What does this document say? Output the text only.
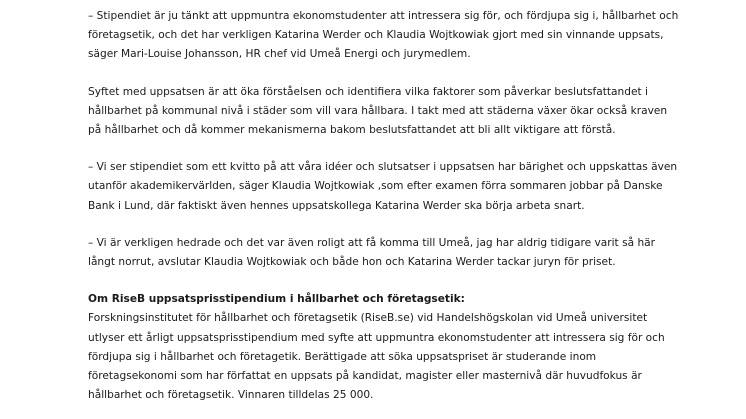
– Stipendiet är ju tänkt att uppmuntra ekonomstudenter att intressera sig för, och fördjupa sig i, hållbarhet och
företagsetik, och det har verkligen Katarina Werder och Klaudia Wojtkowiak gjort med sin vinnande uppsats,
säger Mari-Louise Johansson, HR chef vid Umeå Energi och jurymedlem.

Syftet med uppsatsen är att öka förståelsen och identifiera vilka faktorer som påverkar beslutsfattandet i
hållbarhet på kommunal nivå i städer som vill vara hållbara. I takt med att städerna växer ökar också kraven
på hållbarhet och då kommer mekanismerna bakom beslutsfattandet att bli allt viktigare att förstå.

– Vi ser stipendiet som ett kvitto på att våra idéer och slutsatser i uppsatsen har bärighet och uppskattas även
utanför akademikervärlden, säger Klaudia Wojtkowiak ,som efter examen förra sommaren jobbar på Danske
Bank i Lund, där faktiskt även hennes uppsatskollega Katarina Werder ska börja arbeta snart.

– Vi är verkligen hedrade och det var även roligt att få komma till Umeå, jag har aldrig tidigare varit så här
långt norrut, avslutar Klaudia Wojtkowiak och både hon och Katarina Werder tackar juryn för priset.

Om RiseB uppsatsprisstipendium i hållbarhet och företagsetik:
Forskningsinstitutet för hållbarhet och företagsetik (RiseB.se) vid Handelshögskolan vid Umeå universitet
utlyser ett årligt uppsatsprisstipendium med syfte att uppmuntra ekonomstudenter att intressera sig för och
fördjupa sig i hållbarhet och företagetik. Berättigade att söka uppsatspriset är studerande inom
företagsekonomi som har författat en uppsats på kandidat, magister eller masternivå där huvudfokus är
hållbarhet och företagsetik. Vinnaren tilldelas 25 000.
